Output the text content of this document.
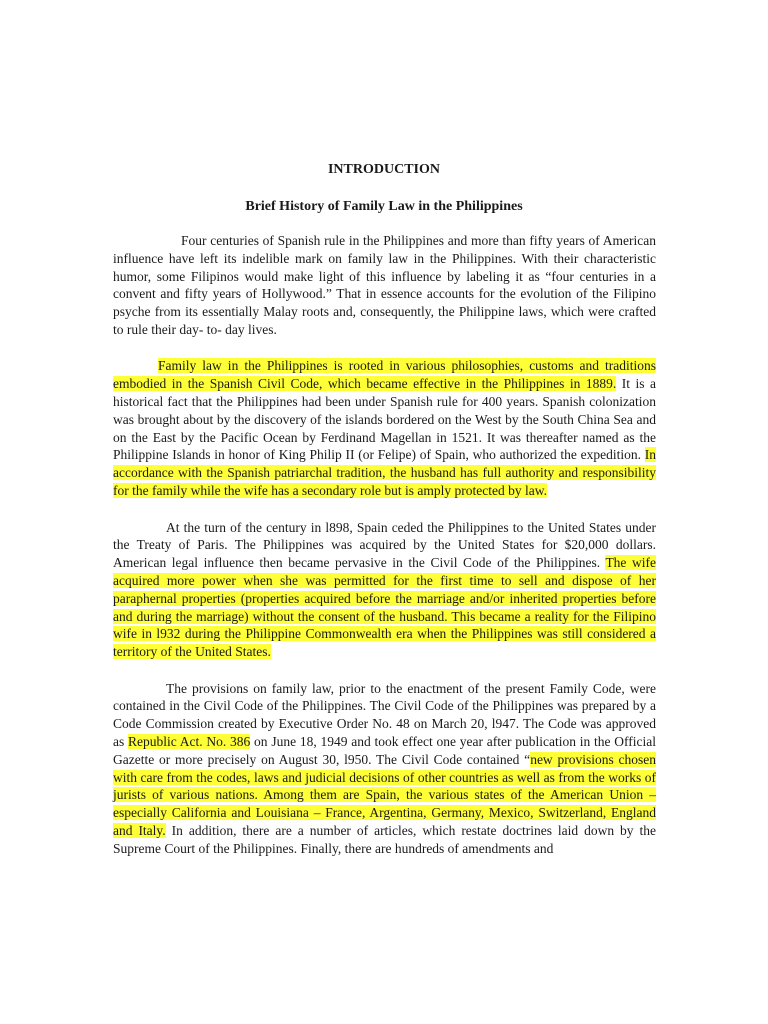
INTRODUCTION
Brief History of Family Law in the Philippines

Four centuries of Spanish rule in the Philippines and more than fifty years of American influence have left its indelible mark on family law in the Philippines. With their characteristic humor, some Filipinos would make light of this influence by labeling it as “four centuries in a convent and fifty years of Hollywood.” That in essence accounts for the evolution of the Filipino psyche from its essentially Malay roots and, consequently, the Philippine laws, which were crafted to rule their day- to- day lives.

Family law in the Philippines is rooted in various philosophies, customs and traditions embodied in the Spanish Civil Code, which became effective in the Philippines in 1889. It is a historical fact that the Philippines had been under Spanish rule for 400 years. Spanish colonization was brought about by the discovery of the islands bordered on the West by the South China Sea and on the East by the Pacific Ocean by Ferdinand Magellan in 1521. It was thereafter named as the Philippine Islands in honor of King Philip II (or Felipe) of Spain, who authorized the expedition. In accordance with the Spanish patriarchal tradition, the husband has full authority and responsibility for the family while the wife has a secondary role but is amply protected by law.

At the turn of the century in l898, Spain ceded the Philippines to the United States under the Treaty of Paris. The Philippines was acquired by the United States for $20,000 dollars. American legal influence then became pervasive in the Civil Code of the Philippines. The wife acquired more power when she was permitted for the first time to sell and dispose of her paraphernal properties (properties acquired before the marriage and/or inherited properties before and during the marriage) without the consent of the husband. This became a reality for the Filipino wife in l932 during the Philippine Commonwealth era when the Philippines was still considered a territory of the United States.

The provisions on family law, prior to the enactment of the present Family Code, were contained in the Civil Code of the Philippines. The Civil Code of the Philippines was prepared by a Code Commission created by Executive Order No. 48 on March 20, l947. The Code was approved as Republic Act. No. 386 on June 18, 1949 and took effect one year after publication in the Official Gazette or more precisely on August 30, l950. The Civil Code contained “new provisions chosen with care from the codes, laws and judicial decisions of other countries as well as from the works of jurists of various nations. Among them are Spain, the various states of the American Union – especially California and Louisiana – France, Argentina, Germany, Mexico, Switzerland, England and Italy. In addition, there are a number of articles, which restate doctrines laid down by the Supreme Court of the Philippines. Finally, there are hundreds of amendments and
